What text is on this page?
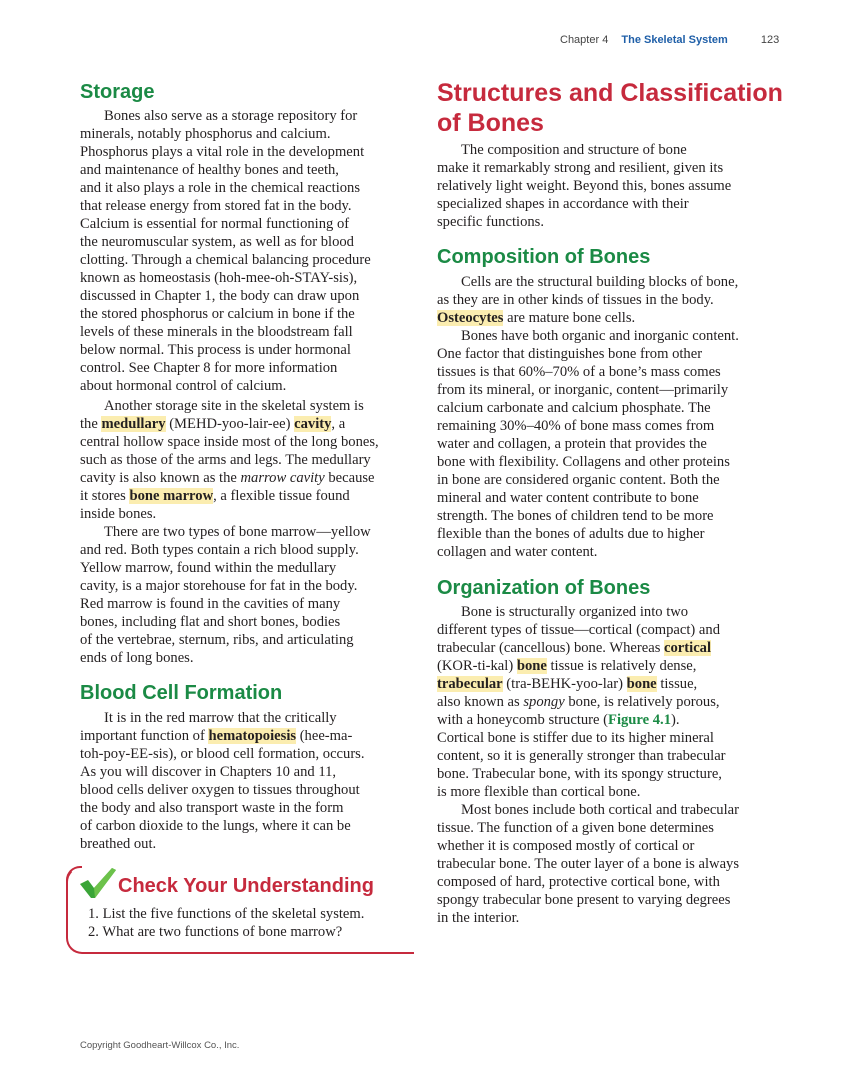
Chapter 4 The Skeletal System	123
Storage
Bones also serve as a storage repository for
minerals, notably phosphorus and calcium.
Phosphorus plays a vital role in the development
and maintenance of healthy bones and teeth,
and it also plays a role in the chemical reactions
that release energy from stored fat in the body.
Calcium is essential for normal functioning of
the neuromuscular system, as well as for blood
clotting. Through a chemical balancing procedure
known as homeostasis (hoh-mee-oh-STAY-sis),
discussed in Chapter 1, the body can draw upon
the stored phosphorus or calcium in bone if the
levels of these minerals in the bloodstream fall
below normal. This process is under hormonal
control. See Chapter 8 for more information
about hormonal control of calcium.
Another storage site in the skeletal system is
the medullary (MEHD-yoo-lair-ee) cavity, a
central hollow space inside most of the long bones,
such as those of the arms and legs. The medullary
cavity is also known as the marrow cavity because
it stores bone marrow, a flexible tissue found
inside bones.
There are two types of bone marrow—yellow
and red. Both types contain a rich blood supply.
Yellow marrow, found within the medullary
cavity, is a major storehouse for fat in the body.
Red marrow is found in the cavities of many
bones, including flat and short bones, bodies
of the vertebrae, sternum, ribs, and articulating
ends of long bones.
Blood Cell Formation
It is in the red marrow that the critically
important function of hematopoiesis (hee-ma-
toh-poy-EE-sis), or blood cell formation, occurs.
As you will discover in Chapters 10 and 11,
blood cells deliver oxygen to tissues throughout
the body and also transport waste in the form
of carbon dioxide to the lungs, where it can be
breathed out.
Check Your Understanding
1. List the five functions of the skeletal system.
2. What are two functions of bone marrow?
Structures and Classification
of Bones
The composition and structure of bone
make it remarkably strong and resilient, given its
relatively light weight. Beyond this, bones assume
specialized shapes in accordance with their
specific functions.
Composition of Bones
Cells are the structural building blocks of bone,
as they are in other kinds of tissues in the body.
Osteocytes are mature bone cells.
Bones have both organic and inorganic content.
One factor that distinguishes bone from other
tissues is that 60%–70% of a bone’s mass comes
from its mineral, or inorganic, content—primarily
calcium carbonate and calcium phosphate. The
remaining 30%–40% of bone mass comes from
water and collagen, a protein that provides the
bone with flexibility. Collagens and other proteins
in bone are considered organic content. Both the
mineral and water content contribute to bone
strength. The bones of children tend to be more
flexible than the bones of adults due to higher
collagen and water content.
Organization of Bones
Bone is structurally organized into two
different types of tissue—cortical (compact) and
trabecular (cancellous) bone. Whereas cortical
(KOR-ti-kal) bone tissue is relatively dense,
trabecular (tra-BEHK-yoo-lar) bone tissue,
also known as spongy bone, is relatively porous,
with a honeycomb structure (Figure 4.1).
Cortical bone is stiffer due to its higher mineral
content, so it is generally stronger than trabecular
bone. Trabecular bone, with its spongy structure,
is more flexible than cortical bone.
Most bones include both cortical and trabecular
tissue. The function of a given bone determines
whether it is composed mostly of cortical or
trabecular bone. The outer layer of a bone is always
composed of hard, protective cortical bone, with
spongy trabecular bone present to varying degrees
in the interior.
Copyright Goodheart-Willcox Co., Inc.
